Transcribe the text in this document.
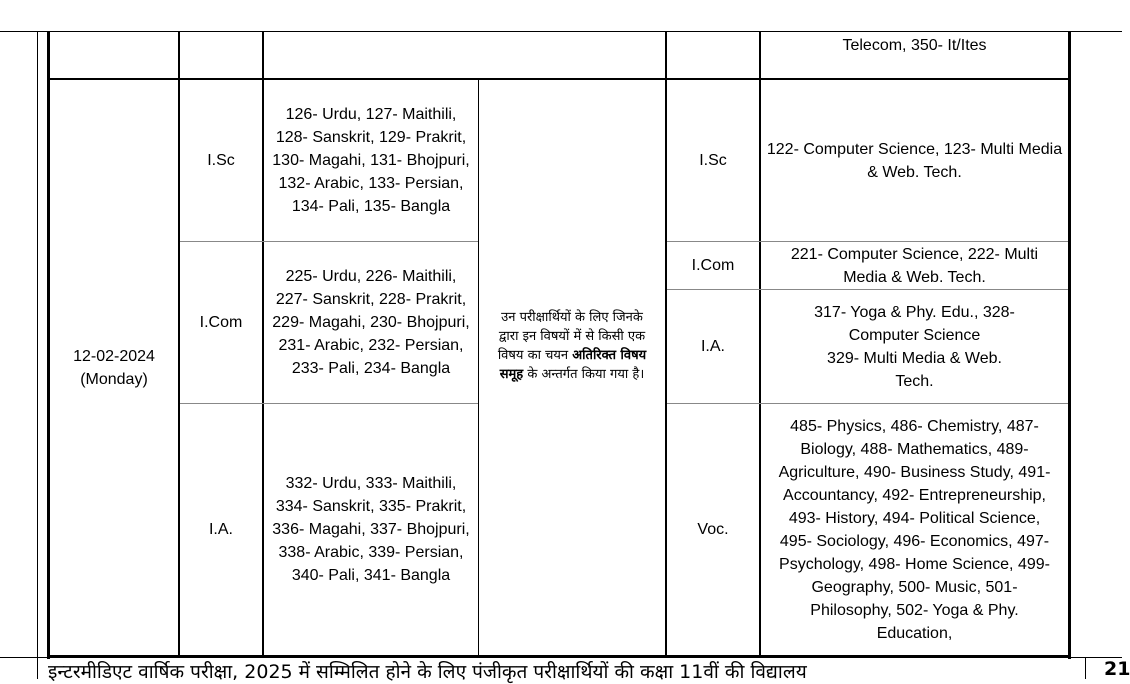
Telecom, 350- It/Ites
12-02-2024
(Monday)
I.Sc
126- Urdu, 127- Maithili, 128- Sanskrit, 129- Prakrit, 130- Magahi, 131- Bhojpuri, 132- Arabic, 133- Persian, 134- Pali, 135- Bangla
I.Com
225- Urdu, 226- Maithili, 227- Sanskrit, 228- Prakrit, 229- Magahi, 230- Bhojpuri, 231- Arabic, 232- Persian, 233- Pali, 234- Bangla
I.A.
332- Urdu, 333- Maithili, 334- Sanskrit, 335- Prakrit, 336- Magahi, 337- Bhojpuri, 338- Arabic, 339- Persian, 340- Pali, 341- Bangla
उन परीक्षार्थियों के लिए जिनके द्वारा इन विषयों में से किसी एक विषय का चयन अतिरिक्त विषय समूह के अन्तर्गत किया गया है।
I.Sc
122- Computer Science, 123- Multi Media & Web. Tech.
I.Com
221- Computer Science, 222- Multi Media & Web. Tech.
I.A.
317- Yoga & Phy. Edu., 328- Computer Science
329- Multi Media & Web. Tech.
Voc.
485- Physics, 486- Chemistry, 487- Biology, 488- Mathematics, 489- Agriculture, 490- Business Study, 491- Accountancy, 492- Entrepreneurship, 493- History, 494- Political Science, 495- Sociology, 496- Economics, 497- Psychology, 498- Home Science, 499- Geography, 500- Music, 501- Philosophy, 502- Yoga & Phy. Education,
इन्टरमीडिएट वार्षिक परीक्षा, 2025 में सम्मिलित होने के लिए पंजीकृत परीक्षार्थियों की कक्षा 11वीं की विद्यालय	21
